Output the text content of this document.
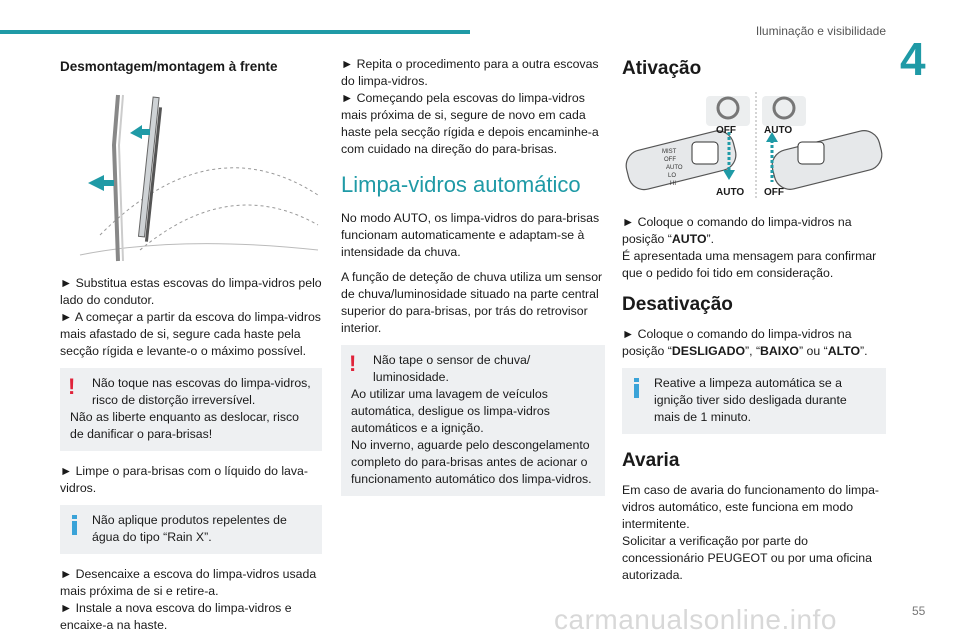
Iluminação e visibilidade
4
Desmontagem/montagem à frente

► Substitua estas escovas do limpa-vidros pelo lado do condutor.
► A começar a partir da escova do limpa-vidros mais afastado de si, segure cada haste pela secção rígida e levante-o o máximo possível.

!	Não toque nas escovas do limpa-vidros, risco de distorção irreversível.
Não as liberte enquanto as deslocar, risco de danificar o para-brisas!

► Limpe o para-brisas com o líquido do lava-vidros.

Não aplique produtos repelentes de água do tipo “Rain X”.

► Desencaixe a escova do limpa-vidros usada mais próxima de si e retire-a.
► Instale a nova escova do limpa-vidros e encaixe-a na haste.

► Repita o procedimento para a outra escovas do limpa-vidros.
► Começando pela escovas do limpa-vidros mais próxima de si, segure de novo em cada haste pela secção rígida e depois encaminhe-a com cuidado na direção do para-brisas.

Limpa-vidros automático

No modo AUTO, os limpa-vidros do para-brisas funcionam automaticamente e adaptam-se à intensidade da chuva.

A função de deteção de chuva utiliza um sensor de chuva/luminosidade situado na parte central superior do para-brisas, por trás do retrovisor interior.

!	Não tape o sensor de chuva/ luminosidade.
Ao utilizar uma lavagem de veículos automática, desligue os limpa-vidros automáticos e a ignição.
No inverno, aguarde pelo descongelamento completo do para-brisas antes de acionar o funcionamento automático dos limpa-vidros.
Ativação
OFF	AUTO
AUTO OFF
MIST
OFF
AUTO
LO
HI

► Coloque o comando do limpa-vidros na posição “AUTO”.
É apresentada uma mensagem para confirmar que o pedido foi tido em consideração.

Desativação

► Coloque o comando do limpa-vidros na posição “DESLIGADO”, “BAIXO” ou “ALTO”.

Reative a limpeza automática se a ignição tiver sido desligada durante mais de 1 minuto.
Avaria

Em caso de avaria do funcionamento do limpa-vidros automático, este funciona em modo intermitente.
Solicitar a verificação por parte do concessionário PEUGEOT ou por uma oficina autorizada.

carmanualsonline.info	55
